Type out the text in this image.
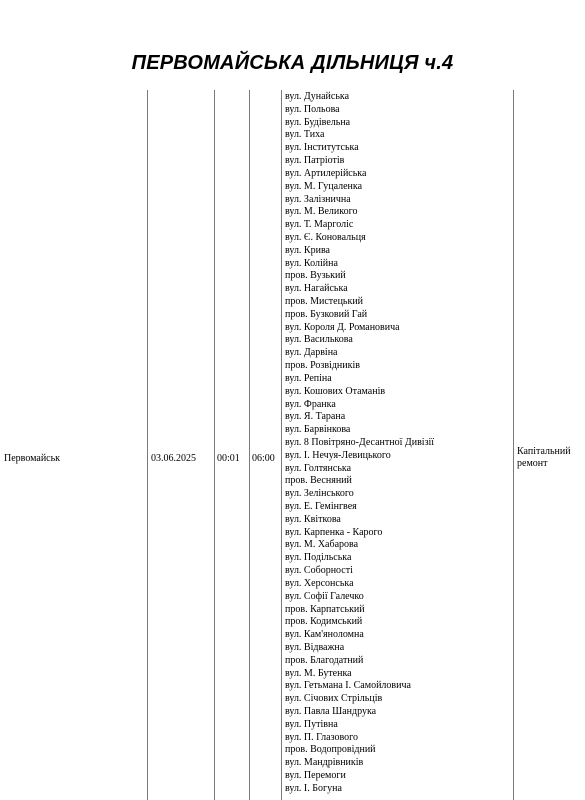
ПЕРВОМАЙСЬКА ДІЛЬНИЦЯ ч.4
Первомайськ	03.06.2025 00:01 06:00
вул. Дунайська
вул. Польова
вул. Будівельна
вул. Тиха
вул. Інститутська
вул. Патріотів
вул. Артилерійська
вул. М. Гуцаленка
вул. Залізнична
вул. М. Великого
вул. Т. Марголіс
вул. Є. Коновальця
вул. Крива
вул. Колійна
пров. Вузький
вул. Нагайська
пров. Мистецький
пров. Бузковий Гай
вул. Короля Д. Романовича
вул. Василькова
вул. Дарвіна
пров. Розвідників
вул. Репіна
вул. Кошових Отаманів
вул. Франка
вул. Я. Тарана
вул. Барвінкова
вул. 8 Повітряно-Десантної Дивізії
вул. І. Нечуя-Левицького
вул. Голтянська
пров. Весняний
вул. Зелінського
вул. Е. Гемінгвея
вул. Квіткова
вул. Карпенка - Карого
вул. М. Хабарова
вул. Подільська
вул. Соборності
вул. Херсонська
вул. Софії Галечко
пров. Карпатський
пров. Кодимський
вул. Кам'яноломна
вул. Відважна
пров. Благодатний
вул. М. Бутенка
вул. Гетьмана І. Самойловича
вул. Січових Стрільців
вул. Павла Шандрука
вул. Путівна
вул. П. Глазового
пров. Водопровідний
вул. Мандрівників
вул. Перемоги
вул. І. Богуна
Капітальний ремонт
